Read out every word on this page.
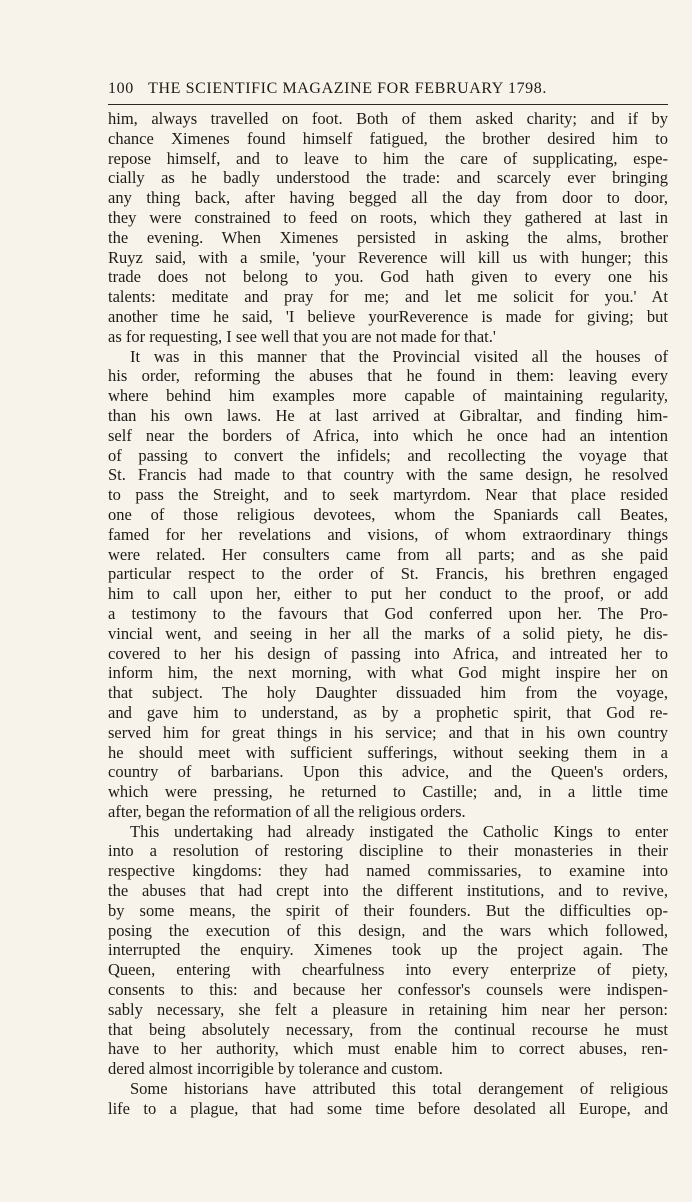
100 THE SCIENTIFIC MAGAZINE FOR FEBRUARY 1798.
him, always travelled on foot. Both of them asked charity; and if by
chance Ximenes found himself fatigued, the brother desired him to
repose himself, and to leave to him the care of supplicating, espe-
cially as he badly understood the trade: and scarcely ever bringing
any thing back, after having begged all the day from door to door,
they were constrained to feed on roots, which they gathered at last in
the evening. When Ximenes persisted in asking the alms, brother
Ruyz said, with a smile, 'your Reverence will kill us with hunger; this
trade does not belong to you. God hath given to every one his
talents: meditate and pray for me; and let me solicit for you.' At
another time he said, 'I believe yourReverence is made for giving; but
as for requesting, I see well that you are not made for that.'
It was in this manner that the Provincial visited all the houses of
his order, reforming the abuses that he found in them: leaving every
where behind him examples more capable of maintaining regularity,
than his own laws. He at last arrived at Gibraltar, and finding him-
self near the borders of Africa, into which he once had an intention
of passing to convert the infidels; and recollecting the voyage that
St. Francis had made to that country with the same design, he resolved
to pass the Streight, and to seek martyrdom. Near that place resided
one of those religious devotees, whom the Spaniards call Beates,
famed for her revelations and visions, of whom extraordinary things
were related. Her consulters came from all parts; and as she paid
particular respect to the order of St. Francis, his brethren engaged
him to call upon her, either to put her conduct to the proof, or add
a testimony to the favours that God conferred upon her. The Pro-
vincial went, and seeing in her all the marks of a solid piety, he dis-
covered to her his design of passing into Africa, and intreated her to
inform him, the next morning, with what God might inspire her on
that subject. The holy Daughter dissuaded him from the voyage,
and gave him to understand, as by a prophetic spirit, that God re-
served him for great things in his service; and that in his own country
he should meet with sufficient sufferings, without seeking them in a
country of barbarians. Upon this advice, and the Queen's orders,
which were pressing, he returned to Castille; and, in a little time
after, began the reformation of all the religious orders.
This undertaking had already instigated the Catholic Kings to enter
into a resolution of restoring discipline to their monasteries in their
respective kingdoms: they had named commissaries, to examine into
the abuses that had crept into the different institutions, and to revive,
by some means, the spirit of their founders. But the difficulties op-
posing the execution of this design, and the wars which followed,
interrupted the enquiry. Ximenes took up the project again. The
Queen, entering with chearfulness into every enterprize of piety,
consents to this: and because her confessor's counsels were indispen-
sably necessary, she felt a pleasure in retaining him near her person:
that being absolutely necessary, from the continual recourse he must
have to her authority, which must enable him to correct abuses, ren-
dered almost incorrigible by tolerance and custom.
Some historians have attributed this total derangement of religious
life to a plague, that had some time before desolated all Europe, and
